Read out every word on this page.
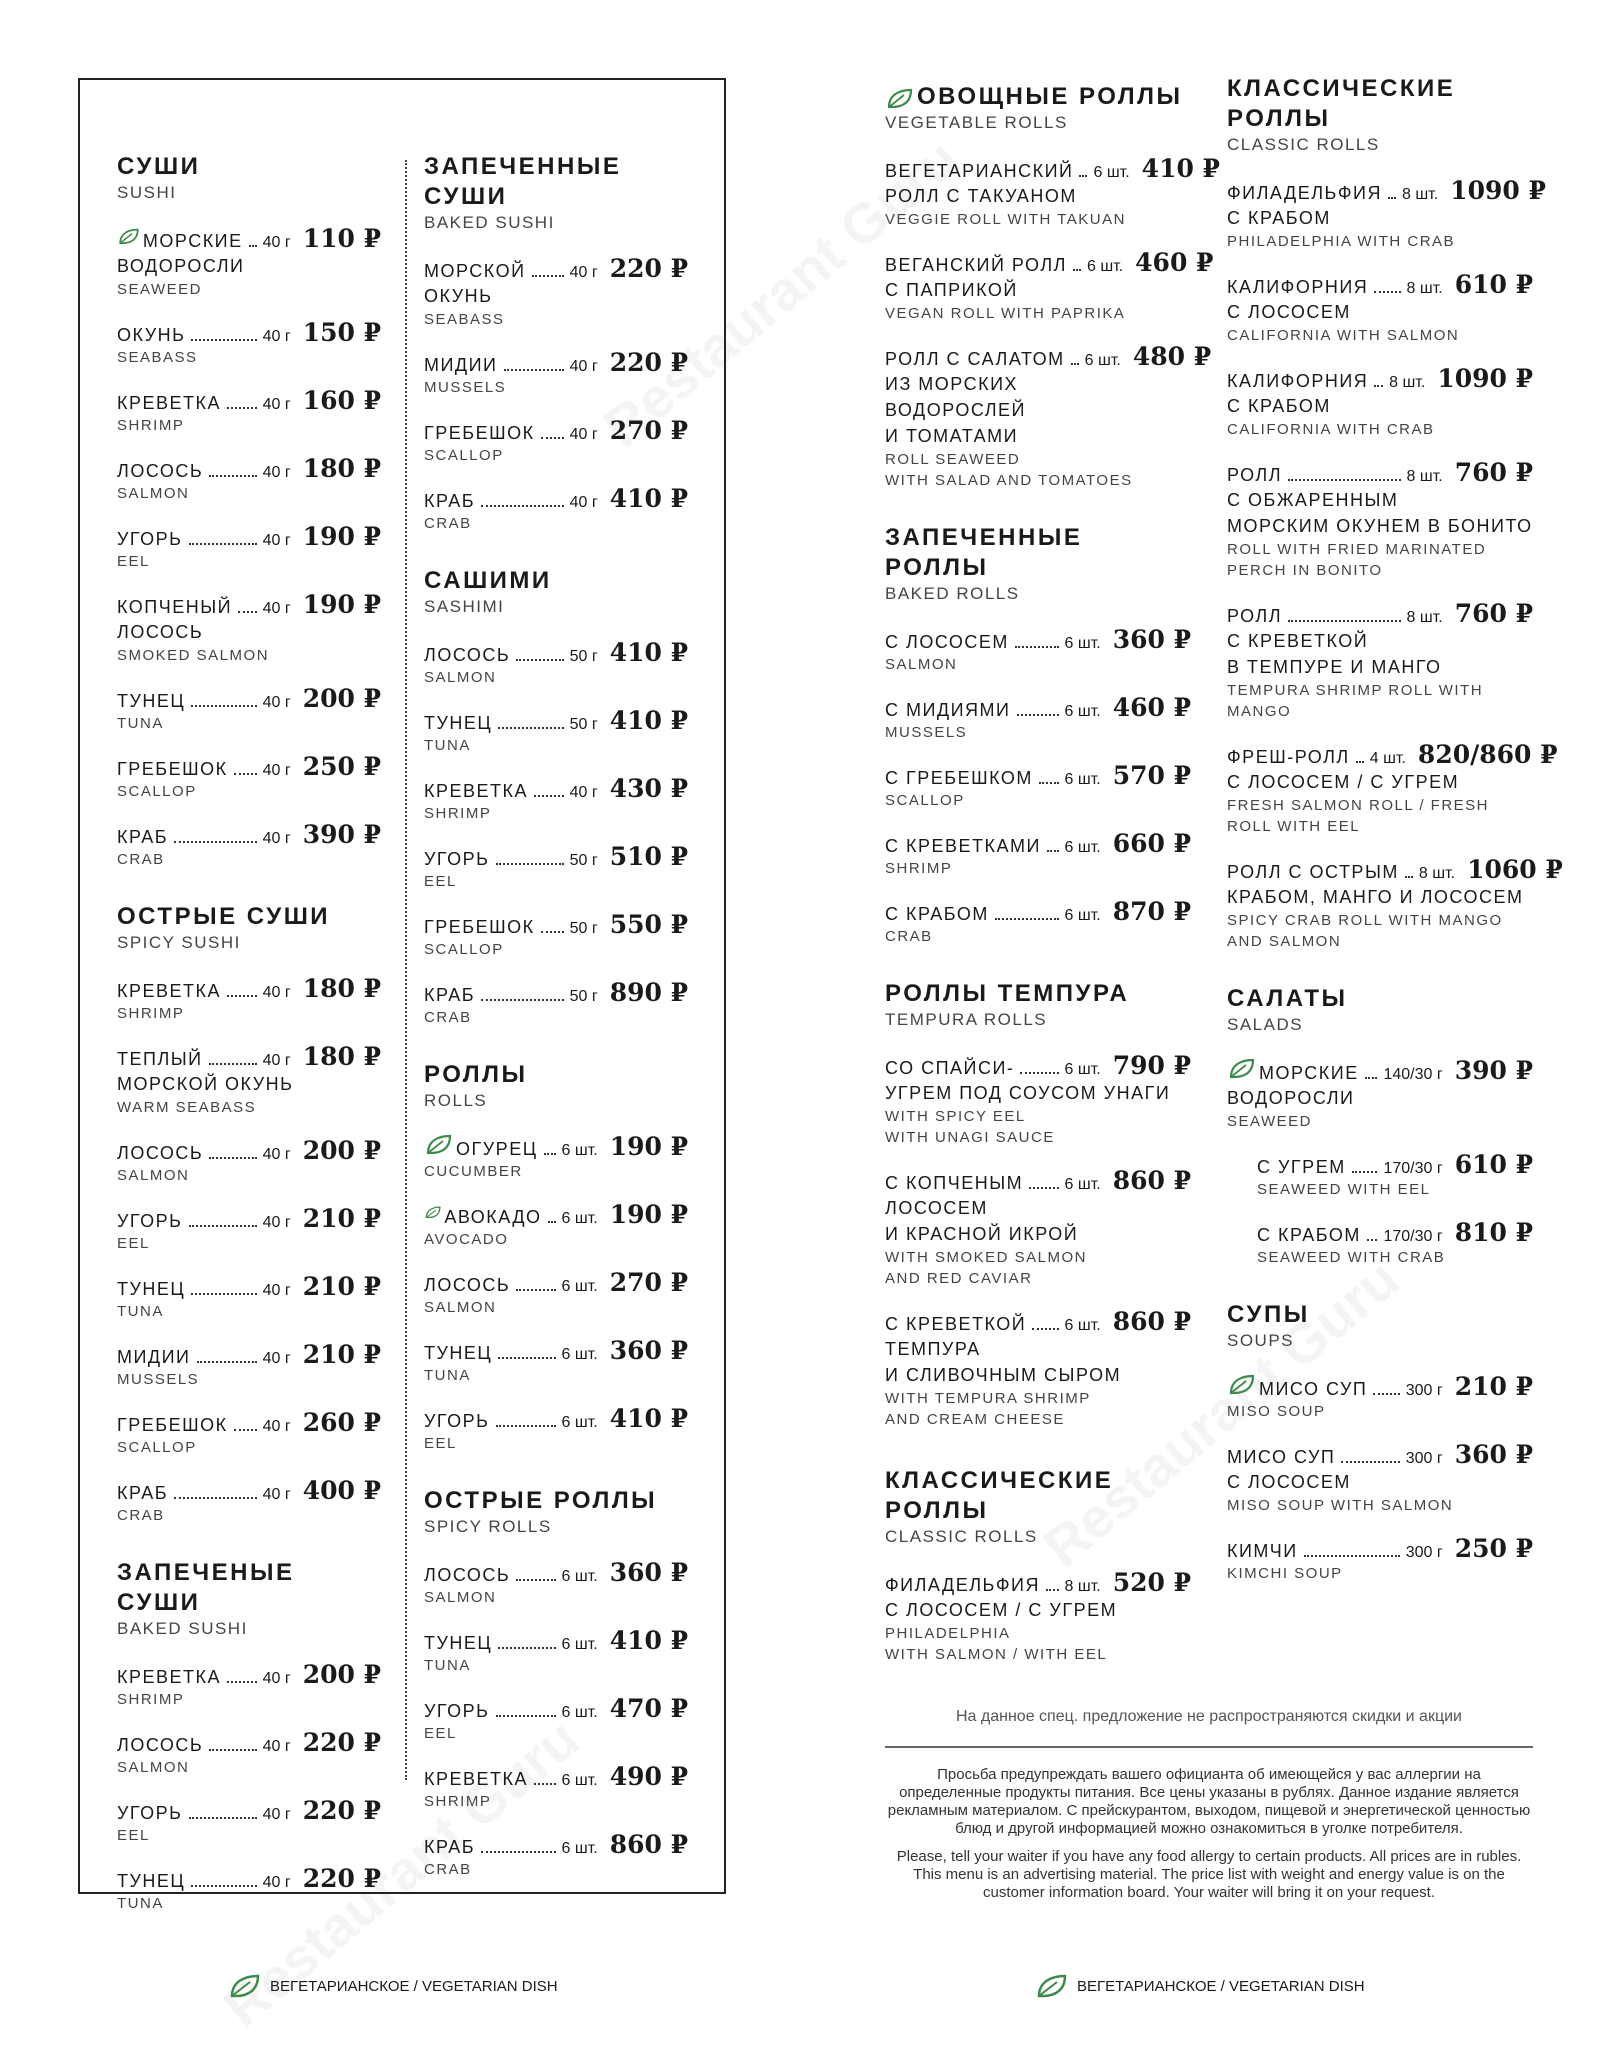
СУШИ
SUSHI
МОРСКИЕ 40 г 110 ₽
ВОДОРОСЛИ
SEAWEED
ОКУНЬ	40 г 150 ₽
SEABASS
КРЕВЕТКА	40 г 160 ₽
SHRIMP
ЛОСОСЬ	40 г 180 ₽
SALMON
УГОРЬ	40 г 190 ₽
EEL
КОПЧЕНЫЙ 40 г 190 ₽
ЛОСОСЬ
SMOKED SALMON
ТУНЕЦ	40 г 200 ₽
TUNA
ГРЕБЕШОК 40 г 250 ₽
SCALLOP
КРАБ	40 г 390 ₽
CRAB
ОСТРЫЕ СУШИ
SPICY SUSHI
КРЕВЕТКА	40 г 180 ₽
SHRIMP
ТЕПЛЫЙ	40 г 180 ₽
МОРСКОЙ ОКУНЬ
WARM SEABASS
ЛОСОСЬ	40 г 200 ₽
SALMON
УГОРЬ	40 г 210 ₽
EEL
ТУНЕЦ	40 г 210 ₽
TUNA
МИДИИ	40 г 210 ₽
MUSSELS
ГРЕБЕШОК 40 г 260 ₽
SCALLOP
КРАБ	40 г 400 ₽
CRAB
ЗАПЕЧЕНЫЕ СУШИ
BAKED SUSHI
КРЕВЕТКА	40 г 200 ₽
SHRIMP
ЛОСОСЬ	40 г 220 ₽
SALMON
УГОРЬ	40 г 220 ₽
EEL
ТУНЕЦ	40 г 220 ₽
TUNA
ЗАПЕЧЕННЫЕ СУШИ
BAKED SUSHI
МОРСКОЙ	40 г 220 ₽
ОКУНЬ
SEABASS
МИДИИ	40 г 220 ₽
MUSSELS
ГРЕБЕШОК 40 г 270 ₽
SCALLOP
КРАБ	40 г 410 ₽
CRAB
САШИМИ
SASHIMI
ЛОСОСЬ	50 г 410 ₽
SALMON
ТУНЕЦ	50 г 410 ₽
TUNA
КРЕВЕТКА	40 г 430 ₽
SHRIMP
УГОРЬ	50 г 510 ₽
EEL
ГРЕБЕШОК 50 г 550 ₽
SCALLOP
КРАБ	50 г 890 ₽
CRAB
РОЛЛЫ
ROLLS
ОГУРЕЦ 6 шт. 190 ₽
CUCUMBER
АВОКАДО 6 шт. 190 ₽
AVOCADO
ЛОСОСЬ	6 шт. 270 ₽
SALMON
ТУНЕЦ	6 шт. 360 ₽
TUNA
УГОРЬ	6 шт. 410 ₽
EEL
ОСТРЫЕ РОЛЛЫ
SPICY ROLLS
ЛОСОСЬ	6 шт. 360 ₽
SALMON
ТУНЕЦ	6 шт. 410 ₽
TUNA
УГОРЬ	6 шт. 470 ₽
EEL
КРЕВЕТКА 6 шт. 490 ₽
SHRIMP
КРАБ	6 шт. 860 ₽
CRAB
ОВОЩНЫЕ РОЛЛЫ
VEGETABLE ROLLS
ВЕГЕТАРИАНСКИЙ 6 шт. 410 ₽
РОЛЛ С ТАКУАНОМ
VEGGIE ROLL WITH TAKUAN
ВЕГАНСКИЙ РОЛЛ 6 шт. 460 ₽
С ПАПРИКОЙ
VEGAN ROLL WITH PAPRIKA
РОЛЛ С САЛАТОМ 6 шт. 480 ₽
ИЗ МОРСКИХ
ВОДОРОСЛЕЙ
И ТОМАТАМИ
ROLL SEAWEED
WITH SALAD AND TOMATOES
ЗАПЕЧЕННЫЕ РОЛЛЫ
BAKED ROLLS
С ЛОСОСЕМ	6 шт. 360 ₽
SALMON
С МИДИЯМИ	6 шт. 460 ₽
MUSSELS
С ГРЕБЕШКОМ 6 шт. 570 ₽
SCALLOP
С КРЕВЕТКАМИ 6 шт. 660 ₽
SHRIMP
С КРАБОМ	6 шт. 870 ₽
CRAB
РОЛЛЫ ТЕМПУРА
TEMPURA ROLLS
СО СПАЙСИ-	6 шт. 790 ₽
УГРЕМ ПОД СОУСОМ УНАГИ
WITH SPICY EEL
WITH UNAGI SAUCE
С КОПЧЕНЫМ	6 шт. 860 ₽
ЛОСОСЕМ
И КРАСНОЙ ИКРОЙ
WITH SMOKED SALMON
AND RED CAVIAR
С КРЕВЕТКОЙ 6 шт. 860 ₽
ТЕМПУРА
И СЛИВОЧНЫМ СЫРОМ
WITH TEMPURA SHRIMP
AND CREAM CHEESE
КЛАССИЧЕСКИЕ РОЛЛЫ
CLASSIC ROLLS
ФИЛАДЕЛЬФИЯ 8 шт. 520 ₽
С ЛОСОСЕМ / С УГРЕМ
PHILADELPHIA
WITH SALMON / WITH EEL
КЛАССИЧЕСКИЕ РОЛЛЫ
CLASSIC ROLLS
ФИЛАДЕЛЬФИЯ 8 шт. 1090 ₽
С КРАБОМ
PHILADELPHIA WITH CRAB
КАЛИФОРНИЯ 8 шт. 610 ₽
С ЛОСОСЕМ
CALIFORNIA WITH SALMON
КАЛИФОРНИЯ 8 шт. 1090 ₽
С КРАБОМ
CALIFORNIA WITH CRAB
РОЛЛ	8 шт. 760 ₽
С ОБЖАРЕННЫМ
МОРСКИМ ОКУНЕМ В БОНИТО
ROLL WITH FRIED MARINATED
PERCH IN BONITO
РОЛЛ	8 шт. 760 ₽
С КРЕВЕТКОЙ
В ТЕМПУРЕ И МАНГО
TEMPURA SHRIMP ROLL WITH
MANGO
ФРЕШ-РОЛЛ 4 шт. 820/860 ₽
С ЛОСОСЕМ / С УГРЕМ
FRESH SALMON ROLL / FRESH
ROLL WITH EEL
РОЛЛ С ОСТРЫМ 8 шт. 1060 ₽
КРАБОМ, МАНГО И ЛОСОСЕМ
SPICY CRAB ROLL WITH MANGO
AND SALMON
САЛАТЫ
SALADS
МОРСКИЕ 140/30 г 390 ₽
ВОДОРОСЛИ
SEAWEED
С УГРЕМ 170/30 г 610 ₽
SEAWEED WITH EEL
С КРАБОМ 170/30 г 810 ₽
SEAWEED WITH CRAB
СУПЫ
SOUPS
МИСО СУП 300 г 210 ₽
MISO SOUP
МИСО СУП	300 г 360 ₽
С ЛОСОСЕМ
MISO SOUP WITH SALMON
КИМЧИ	300 г 250 ₽
KIMCHI SOUP
На данное спец. предложение не распространяются скидки и акции
Просьба предупреждать вашего официанта об имеющейся у вас аллергии на определенные продукты питания. Все цены указаны в рублях. Данное издание является рекламным материалом. С прейскурантом, выходом, пищевой и энергетической ценностью блюд и другой информацией можно ознакомиться в уголке потребителя.
Please, tell your waiter if you have any food allergy to certain products. All prices are in rubles. This menu is an advertising material. The price list with weight and energy value is on the customer information board. Your waiter will bring it on your request.
ВЕГЕТАРИАНСКОЕ / VEGETARIAN DISH	ВЕГЕТАРИАНСКОЕ / VEGETARIAN DISH
